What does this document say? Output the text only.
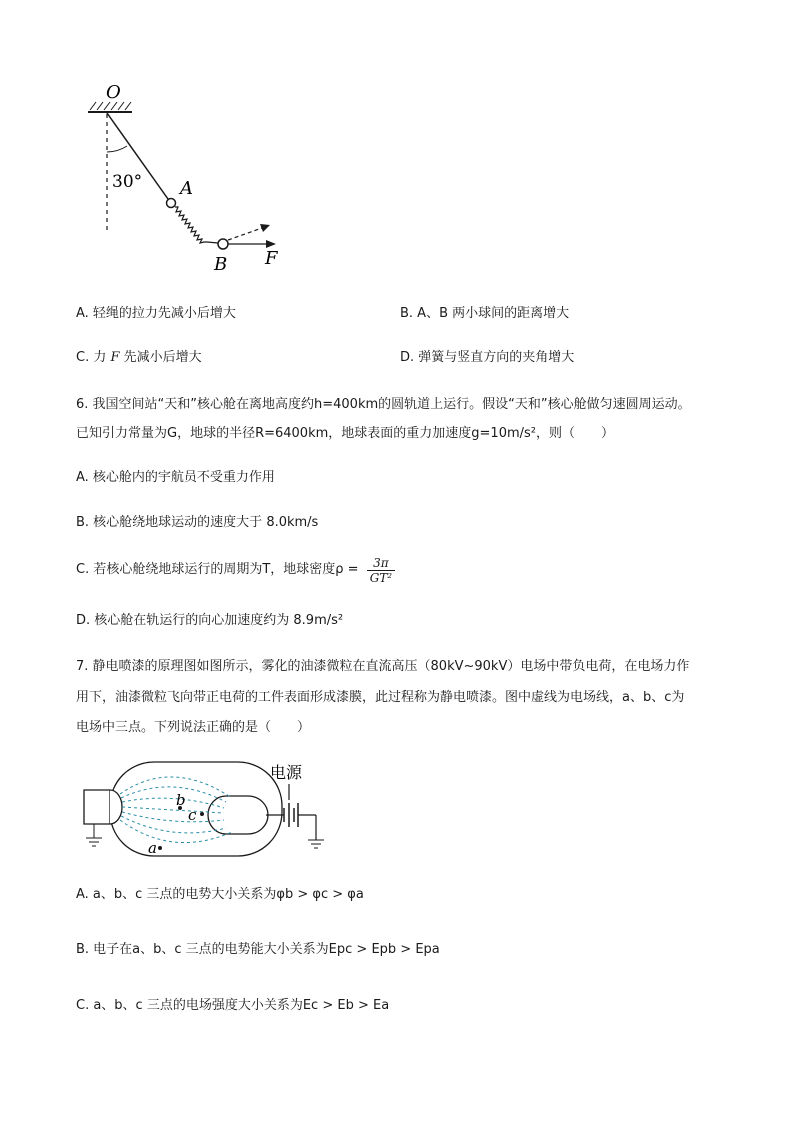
O
30° A
B F
A. 轻绳的拉力先减小后增大	B. A、B 两小球间的距离增大
C. 力 F 先减小后增大	D. 弹簧与竖直方向的夹角增大
6. 我国空间站“天和”核心舱在离地高度约h=400km的圆轨道上运行。假设“天和”核心舱做匀速圆周运动。
已知引力常量为G，地球的半径R=6400km，地球表面的重力加速度g=10m/s²，则（　　）
A. 核心舱内的宇航员不受重力作用
B. 核心舱绕地球运动的速度大于 8.0km/s
C. 若核心舱绕地球运行的周期为T，地球密度$\rho = \frac{3\pi}{\text{GT²}}$
D. 核心舱在轨运行的向心加速度约为 8.9m/s²
7. 静电喷漆的原理图如图所示，雾化的油漆微粒在直流高压（80kV~90kV）电场中带负电荷，在电场力作
用下，油漆微粒飞向带正电荷的工件表面形成漆膜，此过程称为静电喷漆。图中虚线为电场线，a、b、c为
电场中三点。下列说法正确的是（　　）
b
c
a
电源
A. a、b、c 三点的电势大小关系为φb > φc > φa
B. 电子在a、b、c 三点的电势能大小关系为Epc > Epb > Epa
C. a、b、c 三点的电场强度大小关系为Ec > Eb > Ea
